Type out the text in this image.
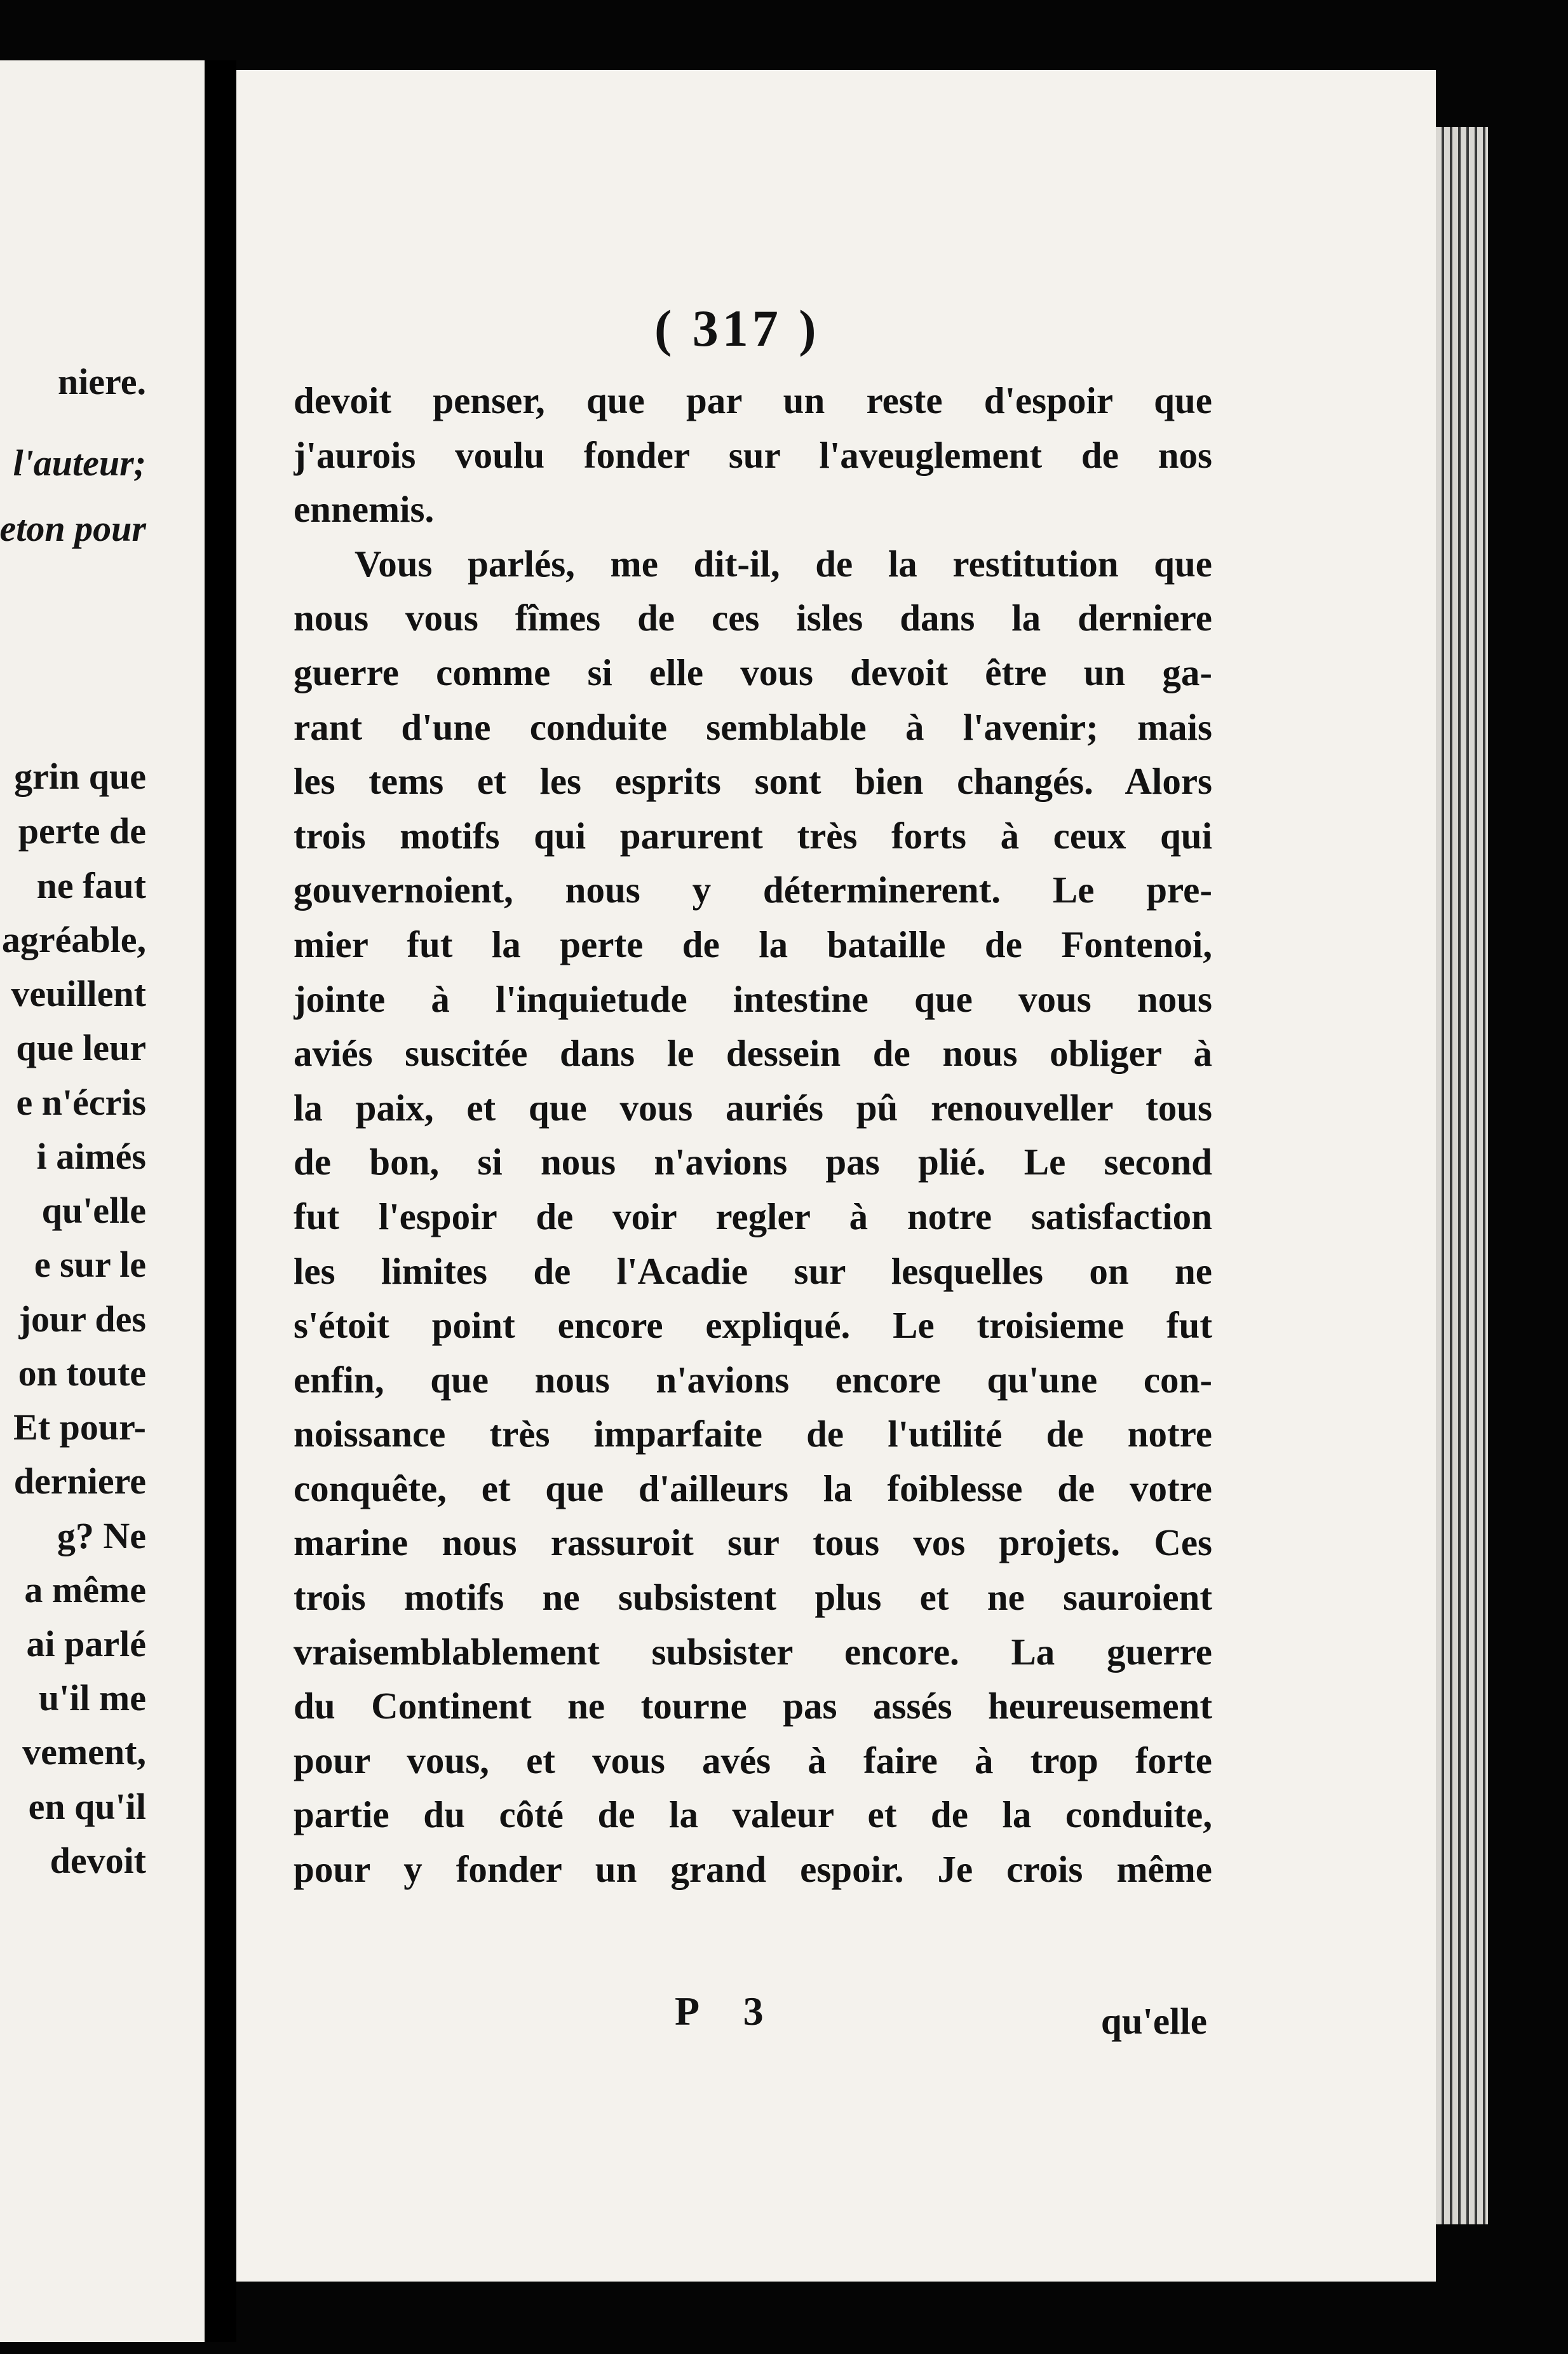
niere.
l'auteur;
eton pour
grin que
perte de
ne faut
agréable,
veuillent
que leur
e n'écris
i aimés
qu'elle
e sur le
jour des
on toute
Et pour-
derniere
g? Ne
a même
ai parlé
u'il me
vement,
en qu'il
devoit
( 317 )
devoit penser, que par un reste d'espoir que
j'aurois voulu fonder sur l'aveuglement de nos
ennemis.
Vous parlés, me dit-il, de la restitution que
nous vous fîmes de ces isles dans la derniere
guerre comme si elle vous devoit être un ga-
rant d'une conduite semblable à l'avenir; mais
les tems et les esprits sont bien changés. Alors
trois motifs qui parurent très forts à ceux qui
gouvernoient, nous y déterminerent. Le pre-
mier fut la perte de la bataille de Fontenoi,
jointe à l'inquietude intestine que vous nous
aviés suscitée dans le dessein de nous obliger à
la paix, et que vous auriés pû renouveller tous
de bon, si nous n'avions pas plié. Le second
fut l'espoir de voir regler à notre satisfaction
les limites de l'Acadie sur lesquelles on ne
s'étoit point encore expliqué. Le troisieme fut
enfin, que nous n'avions encore qu'une con-
noissance très imparfaite de l'utilité de notre
conquête, et que d'ailleurs la foiblesse de votre
marine nous rassuroit sur tous vos projets. Ces
trois motifs ne subsistent plus et ne sauroient
vraisemblablement subsister encore. La guerre
du Continent ne tourne pas assés heureusement
pour vous, et vous avés à faire à trop forte
partie du côté de la valeur et de la conduite,
pour y fonder un grand espoir. Je crois même
P 3	qu'elle
